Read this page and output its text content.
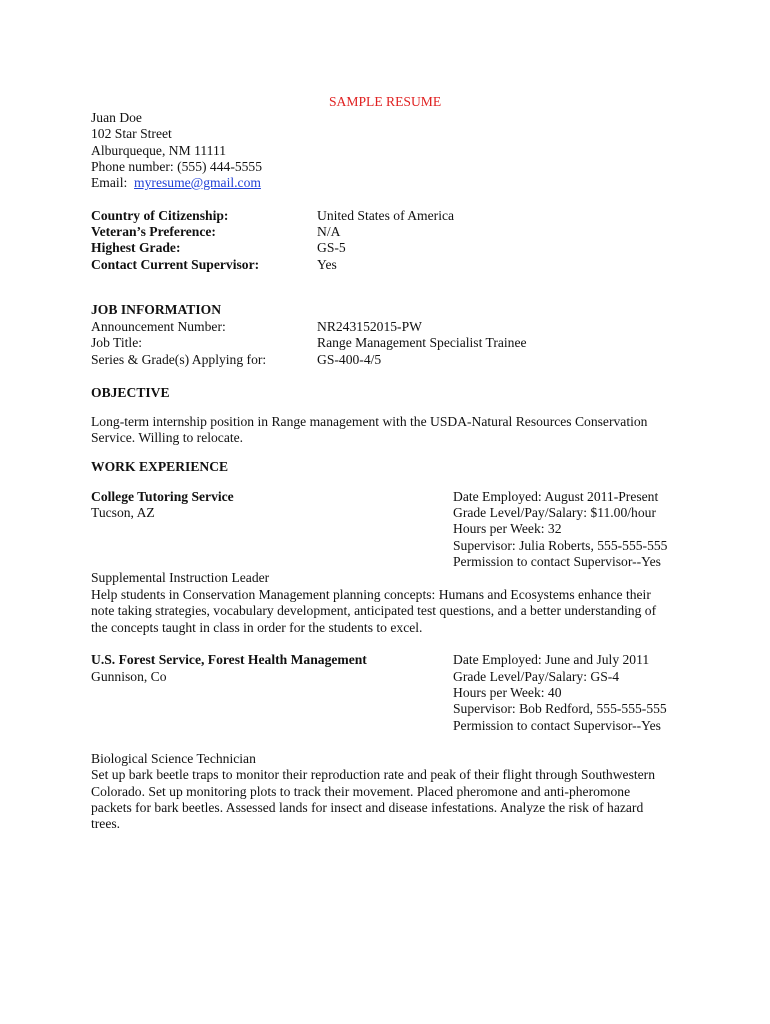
SAMPLE RESUME
Juan Doe
102 Star Street
Alburqueque, NM 11111
Phone number: (555) 444-5555
Email: myresume@gmail.com
Country of Citizenship:	United States of America
Veteran’s Preference:	N/A
Highest Grade:	GS-5
Contact Current Supervisor:	Yes
JOB INFORMATION
Announcement Number:	NR243152015-PW
Job Title:	Range Management Specialist Trainee
Series & Grade(s) Applying for:	GS-400-4/5
OBJECTIVE
Long-term internship position in Range management with the USDA-Natural Resources Conservation
Service. Willing to relocate.
WORK EXPERIENCE
College Tutoring Service
Tucson, AZ
Date Employed: August 2011-Present
Grade Level/Pay/Salary: $11.00/hour
Hours per Week: 32
Supervisor: Julia Roberts, 555-555-555
Permission to contact Supervisor--Yes
Supplemental Instruction Leader
Help students in Conservation Management planning concepts: Humans and Ecosystems enhance their
note taking strategies, vocabulary development, anticipated test questions, and a better understanding of
the concepts taught in class in order for the students to excel.
U.S. Forest Service, Forest Health Management
Gunnison, Co
Date Employed: June and July 2011
Grade Level/Pay/Salary: GS-4
Hours per Week: 40
Supervisor: Bob Redford, 555-555-555
Permission to contact Supervisor--Yes
Biological Science Technician
Set up bark beetle traps to monitor their reproduction rate and peak of their flight through Southwestern
Colorado. Set up monitoring plots to track their movement. Placed pheromone and anti-pheromone
packets for bark beetles. Assessed lands for insect and disease infestations. Analyze the risk of hazard
trees.
